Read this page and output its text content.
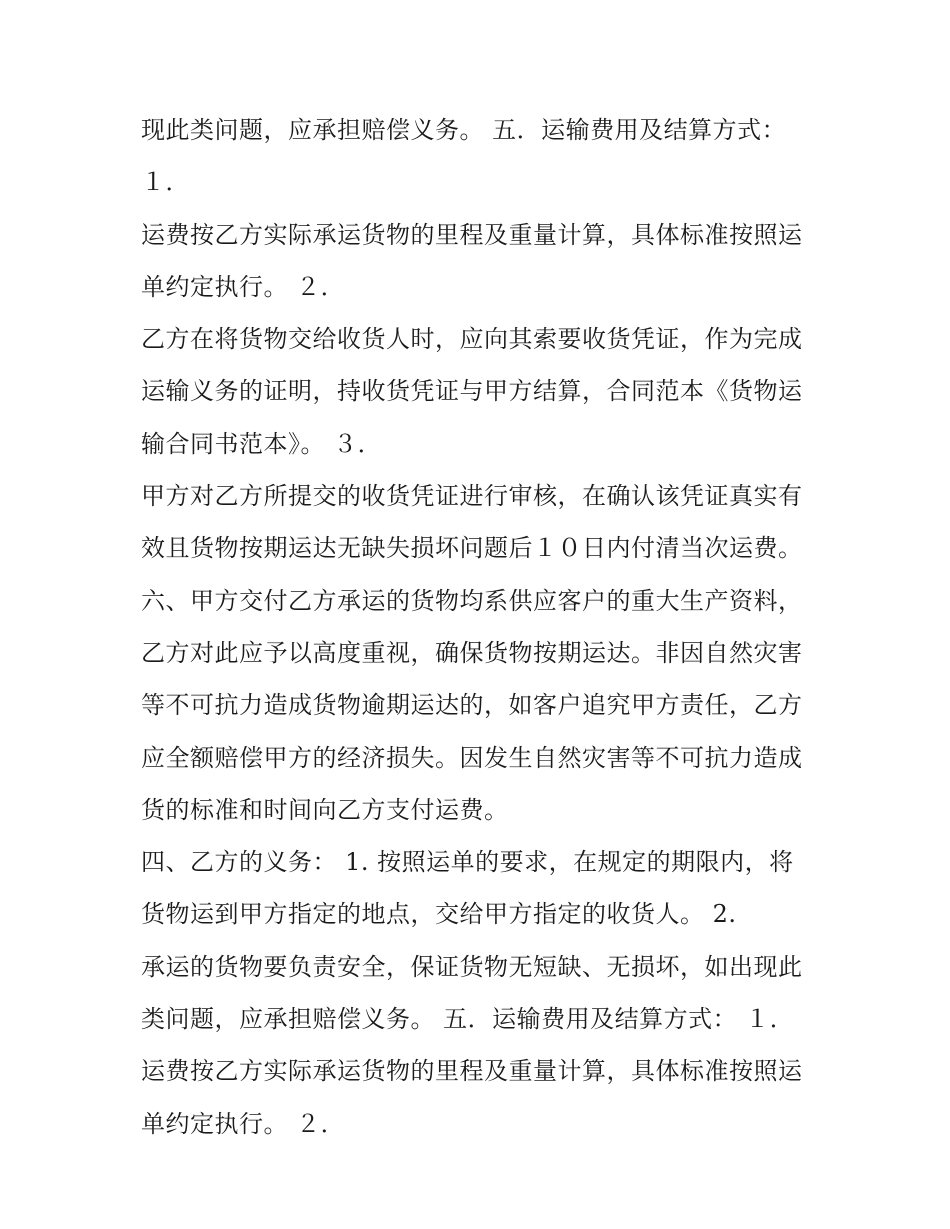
现此类问题，应承担赔偿义务。 五．运输费用及结算方式：
１．
运费按乙方实际承运货物的里程及重量计算，具体标准按照运
单约定执行。 ２．
乙方在将货物交给收货人时，应向其索要收货凭证，作为完成
运输义务的证明，持收货凭证与甲方结算，合同范本《货物运
输合同书范本》。 ３．
甲方对乙方所提交的收货凭证进行审核，在确认该凭证真实有
效且货物按期运达无缺失损坏问题后１０日内付清当次运费。
六、甲方交付乙方承运的货物均系供应客户的重大生产资料，
乙方对此应予以高度重视，确保货物按期运达。非因自然灾害
等不可抗力造成货物逾期运达的，如客户追究甲方责任，乙方
应全额赔偿甲方的经济损失。因发生自然灾害等不可抗力造成
货的标准和时间向乙方支付运费。
四、乙方的义务： 1. 按照运单的要求，在规定的期限内，将
货物运到甲方指定的地点，交给甲方指定的收货人。 2.
承运的货物要负责安全，保证货物无短缺、无损坏，如出现此
类问题，应承担赔偿义务。 五．运输费用及结算方式： １．
运费按乙方实际承运货物的里程及重量计算，具体标准按照运
单约定执行。 ２．
